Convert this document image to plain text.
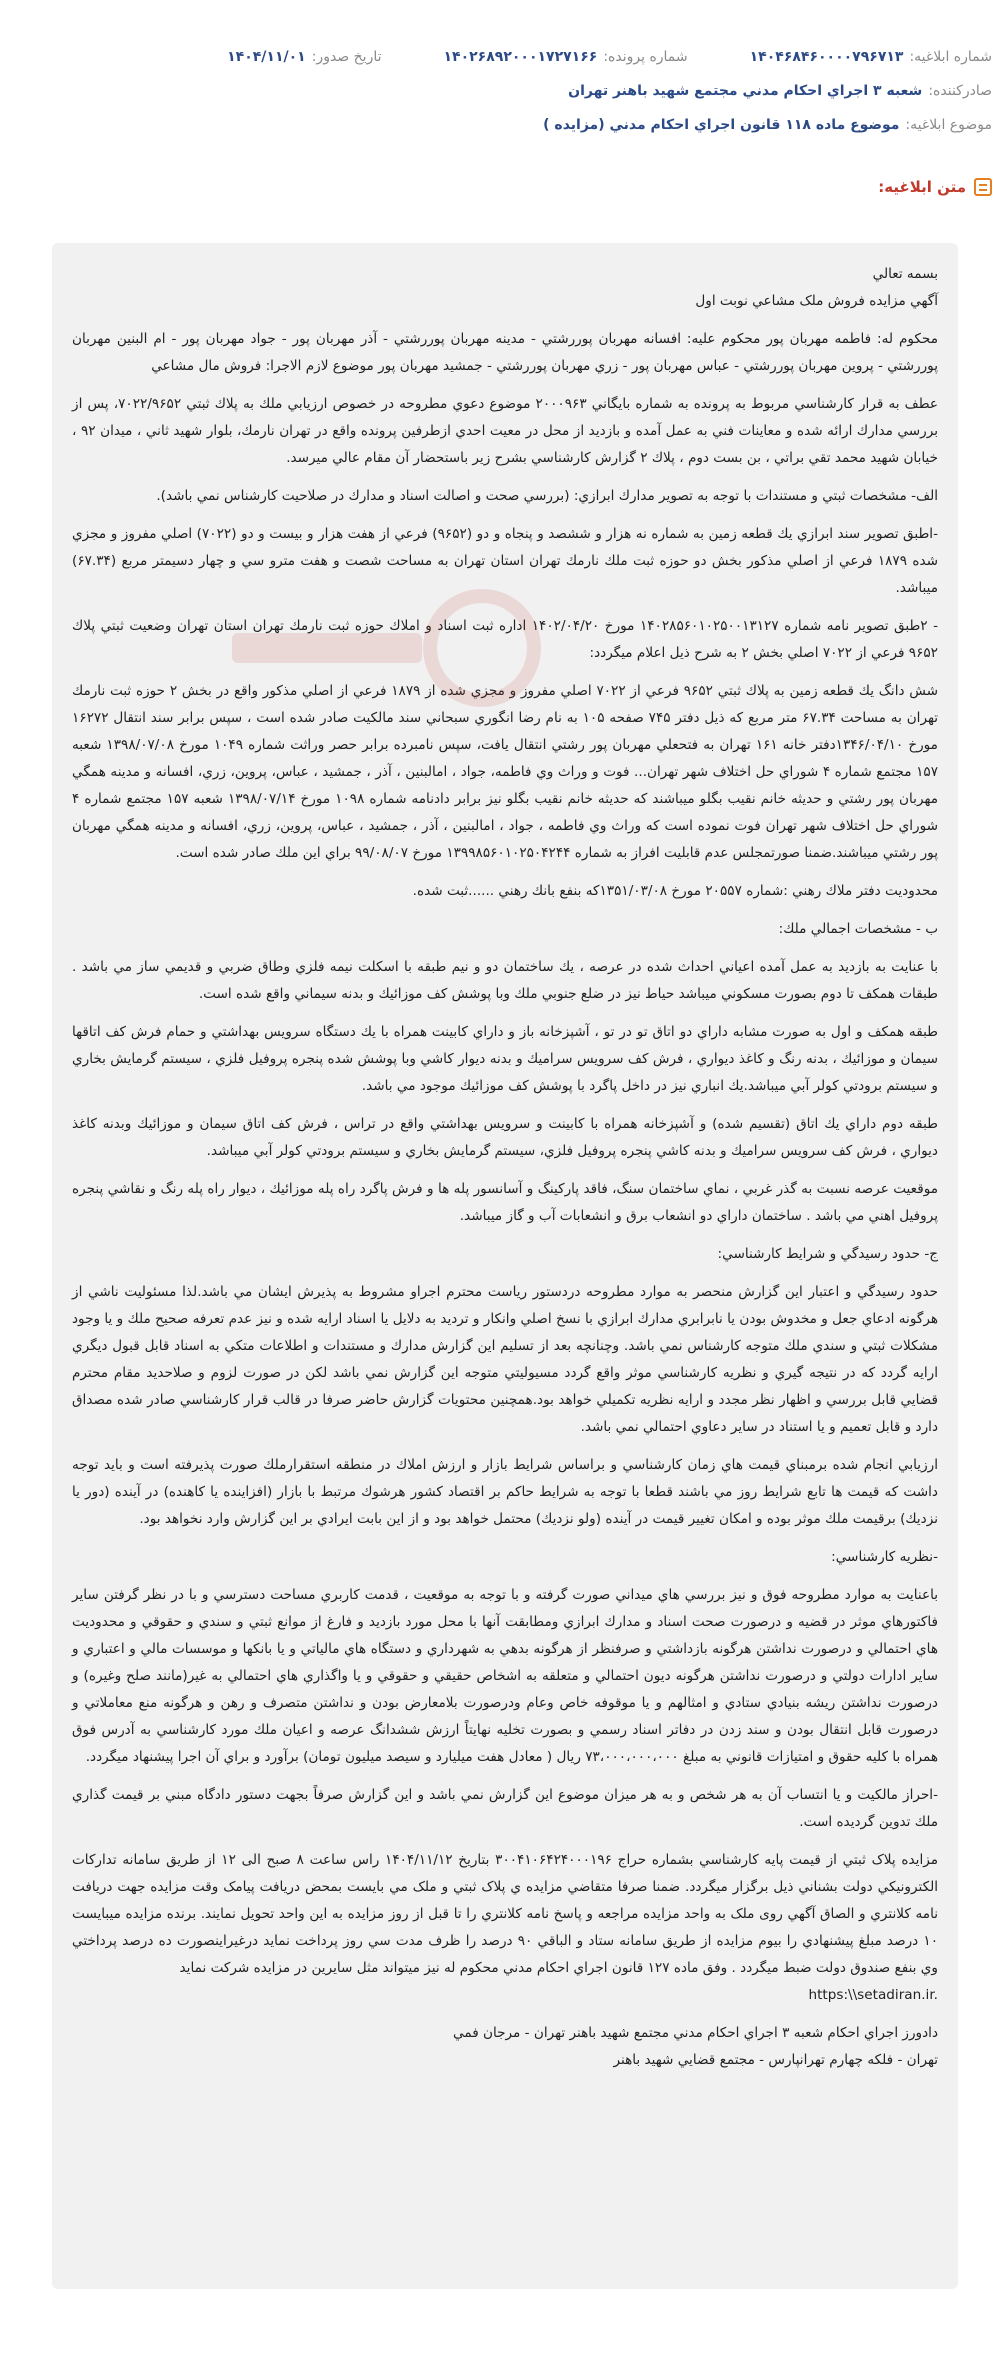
شماره ابلاغيه:۱۴۰۴۶۸۴۶۰۰۰۰۷۹۶۷۱۳
شماره پرونده:۱۴۰۲۶۸۹۲۰۰۰۱۷۲۷۱۶۶
تاريخ صدور:۱۴۰۴/۱۱/۰۱
صادرکننده:
شعبه ۳ اجراي احکام مدني مجتمع شهيد باهنر تهران
موضوع ابلاغيه:
موضوع ماده ۱۱۸ قانون اجراي احكام مدني (مزايده )
متن ابلاغيه:

بسمه تعالي

آگهي مزايده فروش ملک مشاعي نوبت اول

محکوم له: فاطمه مهربان پور محکوم عليه: افسانه مهربان پوررشتي - مدينه مهربان پوررشتي - آذر مهربان پور - جواد مهربان پور - ام البنين مهربان پوررشتي - پروين مهربان پوررشتي - عباس مهربان پور - زري مهربان پوررشتي - جمشيد مهربان پور موضوع لازم الاجرا: فروش مال مشاعي

عطف به قرار کارشناسي مربوط به پرونده به شماره بايگاني ۲۰۰۰۹۶۳ موضوع دعوي مطروحه در خصوص ارزيابي ملك به پلاك ثبتي ۷۰۲۲/۹۶۵۲، پس از بررسي مدارك ارائه شده و معاينات فني به عمل آمده و بازديد از محل در معيت احدي ازطرفين پرونده واقع در تهران نارمك، بلوار شهيد ثاني ، ميدان ۹۲ ، خيابان شهيد محمد تقي براتي ، بن بست دوم ، پلاك ۲ گزارش كارشناسي بشرح زير باستحضار آن مقام عالي ميرسد.

الف- مشخصات ثبتي و مستندات با توجه به تصوير مدارك ابرازي: (بررسي صحت و اصالت اسناد و مدارك در صلاحيت كارشناس نمي باشد).

-اطبق تصوير سند ابرازي يك قطعه زمين به شماره نه هزار و ششصد و پنجاه و دو (۹۶۵۲) فرعي از هفت هزار و بيست و دو (۷۰۲۲) اصلي مفروز و مجزي شده ۱۸۷۹ فرعي از اصلي مذكور بخش دو حوزه ثبت ملك نارمك تهران استان تهران به مساحت شصت و هفت مترو سي و چهار دسيمتر مربع (۶۷.۳۴) ميباشد.

- ۲طبق تصوير نامه شماره ۱۴۰۲۸۵۶۰۱۰۲۵۰۰۱۳۱۲۷ مورخ ۱۴۰۲/۰۴/۲۰ اداره ثبت اسناد و املاك حوزه ثبت نارمك تهران استان تهران وضعيت ثبتي پلاك ۹۶۵۲ فرعي از ۷۰۲۲ اصلي بخش ۲ به شرح ذيل اعلام ميگردد:

شش دانگ يك قطعه زمين به پلاك ثبتي ۹۶۵۲ فرعي از ۷۰۲۲ اصلي مفروز و مجزي شده از ۱۸۷۹ فرعي از اصلي مذكور واقع در بخش ۲ حوزه ثبت نارمك تهران به مساحت ۶۷.۳۴ متر مربع كه ذيل دفتر ۷۴۵ صفحه ۱۰۵ به نام رضا انگوري سبحاني سند مالكيت صادر شده است ، سپس برابر سند انتقال ۱۶۲۷۲ مورخ ۱۳۴۶/۰۴/۱۰دفتر خانه ۱۶۱ تهران به فتحعلي مهربان پور رشتي انتقال يافت، سپس نامبرده برابر حصر وراثت شماره ۱۰۴۹ مورخ ۱۳۹۸/۰۷/۰۸ شعبه ۱۵۷ مجتمع شماره ۴ شوراي حل اختلاف شهر تهران... فوت و وراث وي فاطمه، جواد ، امالبنين ، آذر ، جمشيد ، عباس، پروين، زري، افسانه و مدينه همگي مهربان پور رشتي و حديثه خانم نقيب بگلو ميباشند كه حديثه خانم نقيب بگلو نيز برابر دادنامه شماره ۱۰۹۸ مورخ ۱۳۹۸/۰۷/۱۴ شعبه ۱۵۷ مجتمع شماره ۴ شوراي حل اختلاف شهر تهران فوت نموده است كه وراث وي فاطمه ، جواد ، امالبنين ، آذر ، جمشيد ، عباس، پروين، زري، افسانه و مدينه همگي مهربان پور رشتي ميباشند.ضمنا صورتمجلس عدم قابليت افراز به شماره ۱۳۹۹۸۵۶۰۱۰۲۵۰۴۲۴۴ مورخ ۹۹/۰۸/۰۷ براي اين ملك صادر شده است.

محدوديت دفتر ملاك رهني :شماره ۲۰۵۵۷ مورخ ۱۳۵۱/۰۳/۰۸كه بنفع بانك رهني ......ثبت شده.

ب - مشخصات اجمالي ملك:

با عنايت به بازديد به عمل آمده اعياني احداث شده در عرصه ، يك ساختمان دو و نيم طبقه با اسكلت نيمه فلزي وطاق ضربي و قديمي ساز مي باشد . طبقات همكف تا دوم بصورت مسكوني ميباشد حياط نيز در ضلع جنوبي ملك وبا پوشش كف موزائيك و بدنه سيماني واقع شده است.

طبقه همكف و اول به صورت مشابه داراي دو اتاق تو در تو ، آشپزخانه باز و داراي كابينت همراه با يك دستگاه سرويس بهداشتي و حمام فرش كف اتاقها سيمان و موزائيك ، بدنه رنگ و كاغذ ديواري ، فرش كف سرويس سراميك و بدنه ديوار كاشي وبا پوشش شده پنجره پروفيل فلزي ، سيستم گرمايش بخاري و سيستم برودتي كولر آبي ميباشد.يك انباري نيز در داخل پاگرد با پوشش كف موزائيك موجود مي باشد.

طبقه دوم داراي يك اتاق (تقسيم شده) و آشپزخانه همراه با كابينت و سرويس بهداشتي واقع در تراس ، فرش كف اتاق سيمان و موزائيك وبدنه كاغذ ديواري ، فرش كف سرويس سراميك و بدنه كاشي پنجره پروفيل فلزي، سيستم گرمايش بخاري و سيستم برودتي كولر آبي ميباشد.

موقعيت عرصه نسبت به گذر غربي ، نماي ساختمان سنگ، فاقد پاركينگ و آسانسور پله ها و فرش پاگرد راه پله موزائيك ، ديوار راه پله رنگ و نقاشي پنجره پروفيل اهني مي باشد . ساختمان داراي دو انشعاب برق و انشعابات آب و گاز ميباشد.

ج- حدود رسيدگي و شرايط كارشناسي:

حدود رسيدگي و اعتبار اين گزارش منحصر به موارد مطروحه دردستور رياست محترم اجراو مشروط به پذيرش ايشان مي باشد.لذا مسئوليت ناشي از هرگونه ادعاي جعل و مخدوش بودن يا نابرابري مدارك ابرازي با نسخ اصلي وانكار و ترديد به دلايل يا اسناد ارايه شده و نيز عدم تعرفه صحيح ملك و يا وجود مشكلات ثبتي و سندي ملك متوجه كارشناس نمي باشد. وچنانچه بعد از تسليم اين گزارش مدارك و مستندات و اطلاعات متكي به اسناد قابل قبول ديگري ارايه گردد كه در نتيجه گيري و نظريه كارشناسي موثر واقع گردد مسيوليتي متوجه اين گزارش نمي باشد لكن در صورت لزوم و صلاحديد مقام محترم قضايي قابل بررسي و اظهار نظر مجدد و ارايه نظريه تكميلي خواهد بود.همچنين محتويات گزارش حاضر صرفا در قالب قرار كارشناسي صادر شده مصداق دارد و قابل تعميم و يا استناد در ساير دعاوي احتمالي نمي باشد.

ارزيابي انجام شده برمبناي قيمت هاي زمان كارشناسي و براساس شرايط بازار و ارزش املاك در منطقه استقرارملك صورت پذيرفته است و بايد توجه داشت كه قيمت ها تابع شرايط روز مي باشند قطعا با توجه به شرايط حاكم بر اقتصاد كشور هرشوك مرتبط با بازار (افزاينده يا كاهنده) در آينده (دور يا نزديك) برقيمت ملك موثر بوده و امكان تغيير قيمت در آينده (ولو نزديك) محتمل خواهد بود و از اين بابت ايرادي بر اين گزارش وارد نخواهد بود.

-نظريه كارشناسي:

باعنايت به موارد مطروحه فوق و نيز بررسي هاي ميداني صورت گرفته و با توجه به موقعيت ، قدمت كاربري مساحت دسترسي و با در نظر گرفتن ساير فاكتورهاي موثر در قضيه و درصورت صحت اسناد و مدارك ابرازي ومطابقت آنها با محل مورد بازديد و فارغ از موانع ثبتي و سندي و حقوقي و محدوديت هاي احتمالي و درصورت نداشتن هرگونه بازداشتي و صرفنظر از هرگونه بدهي به شهرداري و دستگاه هاي مالياتي و يا بانكها و موسسات مالي و اعتباري و ساير ادارات دولتي و درصورت نداشتن هرگونه ديون احتمالي و متعلقه به اشخاص حقيقي و حقوقي و يا واگذاري هاي احتمالي به غير(مانند صلح وغيره) و درصورت نداشتن ريشه بنيادي ستادي و امثالهم و يا موقوفه خاص وعام ودرصورت بلامعارض بودن و نداشتن متصرف و رهن و هرگونه منع معاملاتي و درصورت قابل انتقال بودن و سند زدن در دفاتر اسناد رسمي و بصورت تخليه نهايتاً ارزش ششدانگ عرصه و اعيان ملك مورد كارشناسي به آدرس فوق همراه با كليه حقوق و امتيازات قانوني به مبلغ ۷۳،۰۰۰،۰۰۰،۰۰۰ ريال ( معادل هفت ميليارد و سيصد ميليون تومان) برآورد و براي آن اجرا پيشنهاد ميگردد.

-احراز مالكيت و يا انتساب آن به هر شخص و به هر ميزان موضوع اين گزارش نمي باشد و اين گزارش صرفاً بجهت دستور دادگاه مبني بر قيمت گذاري ملك تدوين گرديده است.

مزايده پلاک ثبتي از قيمت پايه کارشناسي بشماره حراج ۳۰۰۴۱۰۶۴۲۴۰۰۰۱۹۶ بتاريخ ۱۴۰۴/۱۱/۱۲ راس ساعت ۸ صبح الی ۱۲ از طريق سامانه تداركات الکترونيکي دولت بشناني ذيل برگزار ميگردد. ضمنا صرفا متقاضي مزايده ي پلاک ثبتي و ملک مي بايست بمحض دريافت پيامک وقت مزايده جهت دريافت نامه کلانتري و الصاق آگهي روی ملک به واحد مزايده مراجعه و پاسخ نامه کلانتري را تا قبل از روز مزايده به اين واحد تحويل نمايند. برنده مزايده ميبايست ۱۰ درصد مبلغ پيشنهادي را بيوم مزايده از طريق سامانه ستاد و الباقي ۹۰ درصد را ظرف مدت سي روز پرداخت نمايد درغيراينصورت ده درصد پرداختي وي بنفع صندوق دولت ضبط ميگردد . وفق ماده ۱۲۷ قانون اجراي احكام مدني محکوم له نيز ميتواند مثل سايرين در مزايده شرکت نمايد

https:\\setadiran.ir.

دادورز اجراي احكام شعبه ۳ اجراي احكام مدني مجتمع شهيد باهنر تهران - مرجان فمي

تهران - فلکه چهارم تهرانپارس - مجتمع قضايي شهيد باهنر
